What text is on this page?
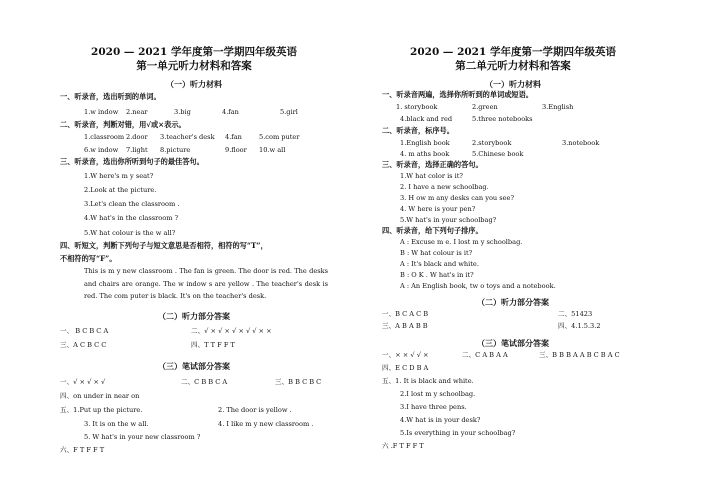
2020 — 2021 学年度第一学期四年级英语
第一单元听力材料和答案
（一）听力材料
一、听录音，选出听到的单词。
1.w indow	2.near	3.big	4.fan	5.girl
二、听录音，判断对错，用√或×表示。
1.classroom 2.door	3.teacher's desk	4.fan	5.com puter
6.w indow	7.light	8.picture	9.floor	10.w all
三、听录音，选出你所听到句子的最佳答句。
1.W here's m y seat?
2.Look at the picture.
3.Let's clean the classroom .
4.W hat's in the classroom ?
5.W hat colour is the w all?
四、听短文，判断下列句子与短文意思是否相符，相符的写“T”，
不相符的写“F”。
This is m y new classroom . The fan is green. The door is red. The desks and chairs are orange. The w indow s are yellow . The teacher's desk is red. The com puter is black. It's on the teacher's desk.
（二）听力部分答案
一、 B C B C A	二、√ × √ × √ × √ √ × ×
三、A C B C C	四、T T F F T
（三）笔试部分答案
一、√ × √ × √	二、C B B C A	三、B B C B C
四、on under in near on
五、1.Put up the picture.	2. The door is yellow .
3. It is on the w all.	4. I like m y new classroom .
5. W hat's in your new classroom ?
六、F T F F T
2020 — 2021 学年度第一学期四年级英语
第二单元听力材料和答案
（一）听力材料
一、听录音两遍，选择你所听到的单词或短语。
1. storybook	2.green	3.English
4.black and red	5.three notebooks
二、听录音，标序号。
1.English book	2.storybook	3.notebook
4. m aths book	5.Chinese book
三、听录音，选择正确的答句。
1.W hat color is it?
2. I have a new schoolbag.
3. H ow m any desks can you see?
4. W here is your pen?
5.W hat's in your schoolbag?
四、听录音，给下列句子排序。
A : Excuse m e. I lost m y schoolbag.
B : W hat colour is it?
A : It's black and white.
B : O K . W hat's in it?
A : An English book, tw o toys and a notebook.
（二）听力部分答案
一、B C A C B	二、51423
三、A B A B B	四、4.1.5.3.2
（三）笔试部分答案
一、× × √ √ ×	二、C A B A A	三、B B B A A B C B A C
四、E C D B A
五、1. It is black and white.
2.I lost m y schoolbag.
3.I have three pens.
4.W hat is in your desk?
5.Is everything in your schoolbag?
六 .F T F F T
